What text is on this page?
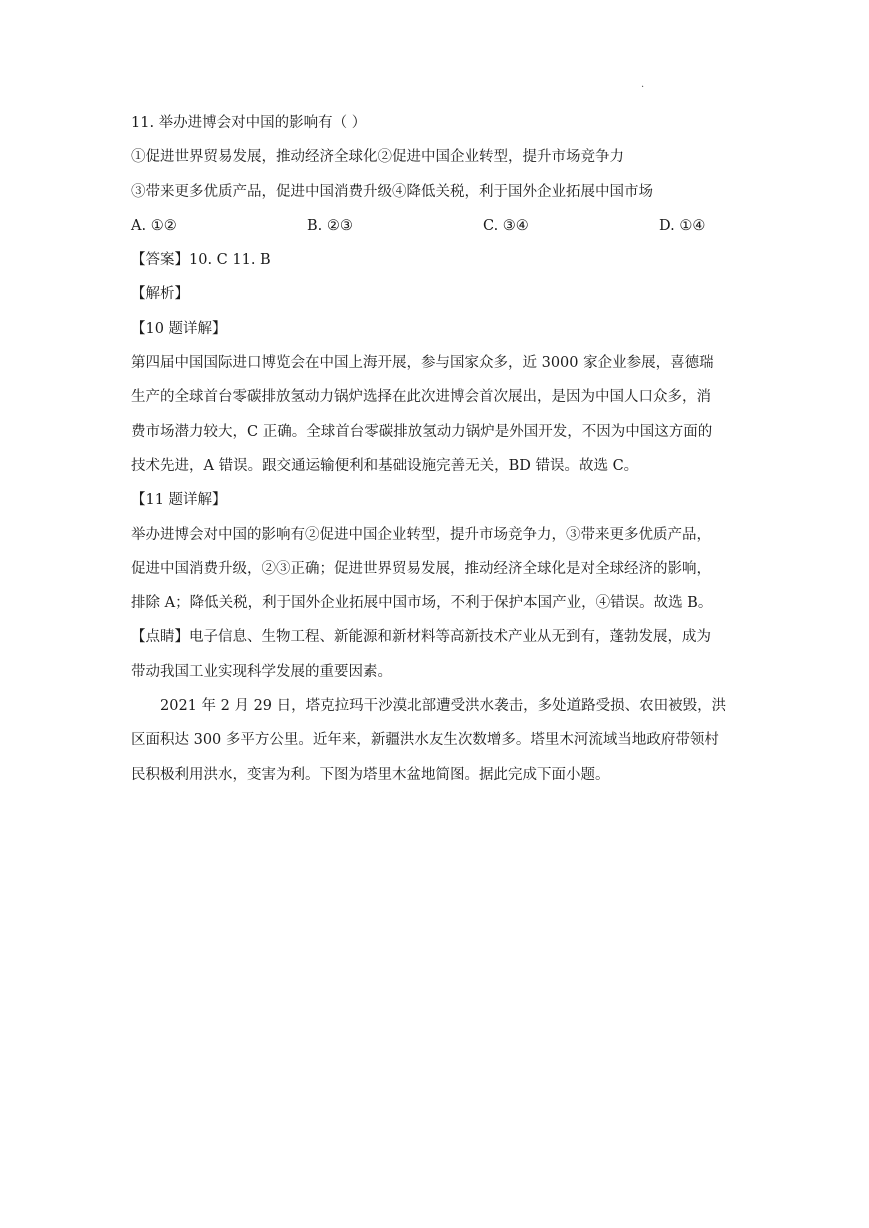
·
11. 举办进博会对中国的影响有（ ）
①促进世界贸易发展，推动经济全球化②促进中国企业转型，提升市场竞争力
③带来更多优质产品，促进中国消费升级④降低关税，利于国外企业拓展中国市场
A. ①②	B. ②③	C. ③④	D. ①④
【答案】10. C 11. B
【解析】
【10 题详解】
第四届中国国际进口博览会在中国上海开展，参与国家众多，近 3000 家企业参展，喜德瑞
生产的全球首台零碳排放氢动力锅炉选择在此次进博会首次展出，是因为中国人口众多，消
费市场潜力较大，C 正确。全球首台零碳排放氢动力锅炉是外国开发，不因为中国这方面的
技术先进，A 错误。跟交通运输便利和基础设施完善无关，BD 错误。故选 C。
【11 题详解】
举办进博会对中国的影响有②促进中国企业转型，提升市场竞争力，③带来更多优质产品，
促进中国消费升级，②③正确；促进世界贸易发展，推动经济全球化是对全球经济的影响，
排除 A；降低关税，利于国外企业拓展中国市场，不利于保护本国产业，④错误。故选 B。
【点睛】电子信息、生物工程、新能源和新材料等高新技术产业从无到有，蓬勃发展，成为
带动我国工业实现科学发展的重要因素。
2021 年 2 月 29 日，塔克拉玛干沙漠北部遭受洪水袭击，多处道路受损、农田被毁，洪
区面积达 300 多平方公里。近年来，新疆洪水友生次数增多。塔里木河流域当地政府带领村
民积极利用洪水，变害为利。下图为塔里木盆地简图。据此完成下面小题。
